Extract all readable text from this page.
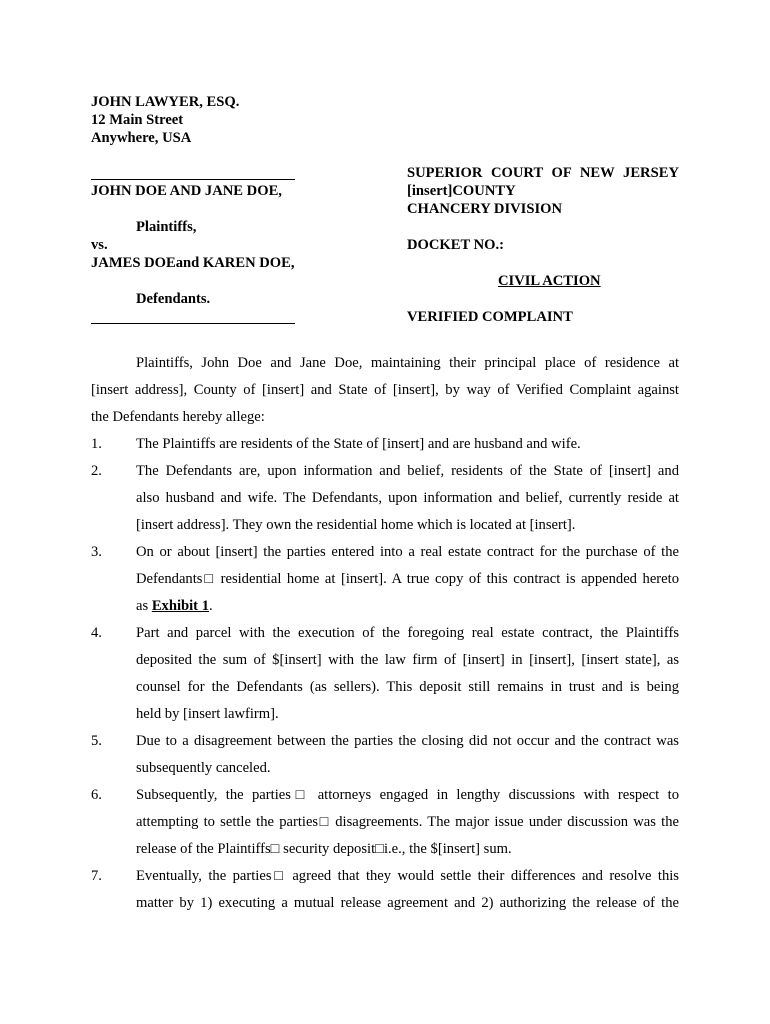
JOHN LAWYER, ESQ.
12 Main Street
Anywhere, USA
JOHN DOE AND JANE DOE,
Plaintiffs,
vs.
JAMES DOEand KAREN DOE,
Defendants.
SUPERIOR COURT OF NEW JERSEY
[insert]COUNTY
CHANCERY DIVISION
DOCKET NO.:
CIVIL ACTION
VERIFIED COMPLAINT
Plaintiffs, John Doe and Jane Doe, maintaining their principal place of residence at
[insert address], County of [insert] and State of [insert], by way of Verified Complaint against
the Defendants hereby allege:
1. The Plaintiffs are residents of the State of [insert] and are husband and wife.
2. The Defendants are, upon information and belief, residents of the State of [insert] and
also husband and wife. The Defendants, upon information and belief, currently reside at
[insert address]. They own the residential home which is located at [insert].
3. On or about [insert] the parties entered into a real estate contract for the purchase of the
Defendants□ residential home at [insert]. A true copy of this contract is appended hereto
as Exhibit 1.
4. Part and parcel with the execution of the foregoing real estate contract, the Plaintiffs
deposited the sum of $[insert] with the law firm of [insert] in [insert], [insert state], as
counsel for the Defendants (as sellers). This deposit still remains in trust and is being
held by [insert lawfirm].
5. Due to a disagreement between the parties the closing did not occur and the contract was
subsequently canceled.
6. Subsequently, the parties□ attorneys engaged in lengthy discussions with respect to
attempting to settle the parties□ disagreements. The major issue under discussion was the
release of the Plaintiffs□ security deposit□i.e., the $[insert] sum.
7. Eventually, the parties□ agreed that they would settle their differences and resolve this
matter by 1) executing a mutual release agreement and 2) authorizing the release of the
